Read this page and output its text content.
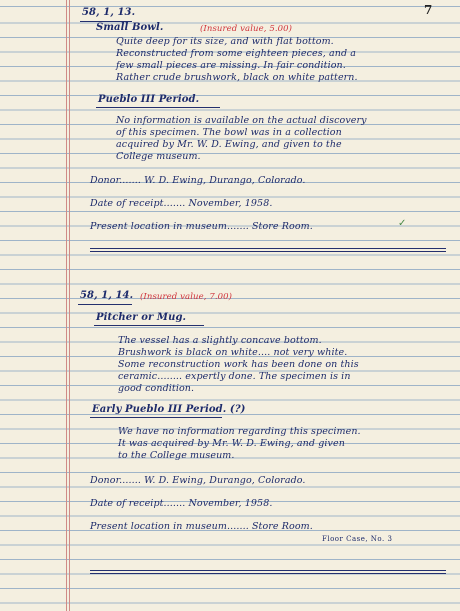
7
58, 1, 13.
Small Bowl.	(Insured value, 5.00)
Quite deep for its size, and with flat bottom.
Reconstructed from some eighteen pieces, and a
few small pieces are missing. In fair condition.
Rather crude brushwork, black on white pattern.
Pueblo III Period.
No information is available on the actual discovery
of this specimen. The bowl was in a collection
acquired by Mr. W. D. Ewing, and given to the
College museum.
Donor....... W. D. Ewing, Durango, Colorado.
Date of receipt....... November, 1958.
Present location in museum....... Store Room.	✓
58, 1, 14. (Insured value, 7.00)
Pitcher or Mug.
The vessel has a slightly concave bottom.
Brushwork is black on white.... not very white.
Some reconstruction work has been done on this
ceramic........ expertly done. The specimen is in
good condition.
Early Pueblo III Period. (?)
We have no information regarding this specimen.
It was acquired by Mr. W. D. Ewing, and given
to the College museum.
Donor....... W. D. Ewing, Durango, Colorado.
Date of receipt....... November, 1958.
Present location in museum....... Store Room.
Floor Case, No. 3
